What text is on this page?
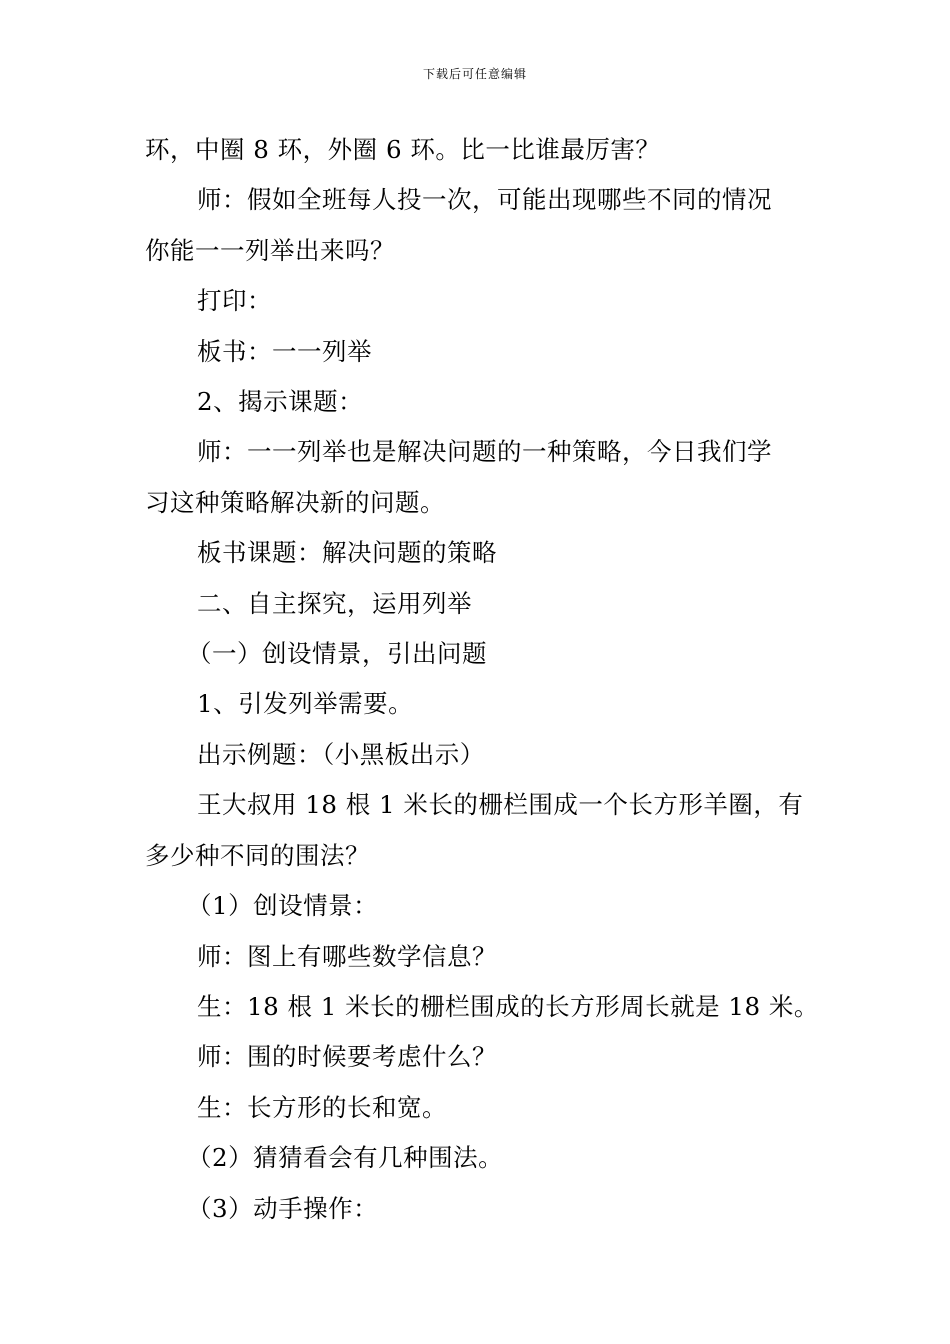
下载后可任意编辑

环，中圈 8 环，外圈 6 环。比一比谁最厉害？

师：假如全班每人投一次，可能出现哪些不同的情况

你能一一列举出来吗？

打印：

板书：一一列举

2、揭示课题：

师：一一列举也是解决问题的一种策略，今日我们学

习这种策略解决新的问题。

板书课题：解决问题的策略

二、自主探究，运用列举

（一）创设情景，引出问题

1、引发列举需要。

出示例题：（小黑板出示）

王大叔用 18 根 1 米长的栅栏围成一个长方形羊圈，有

多少种不同的围法？

（1）创设情景：

师：图上有哪些数学信息？

生：18 根 1 米长的栅栏围成的长方形周长就是 18 米。

师：围的时候要考虑什么？

生：长方形的长和宽。

（2）猜猜看会有几种围法。

（3）动手操作：
